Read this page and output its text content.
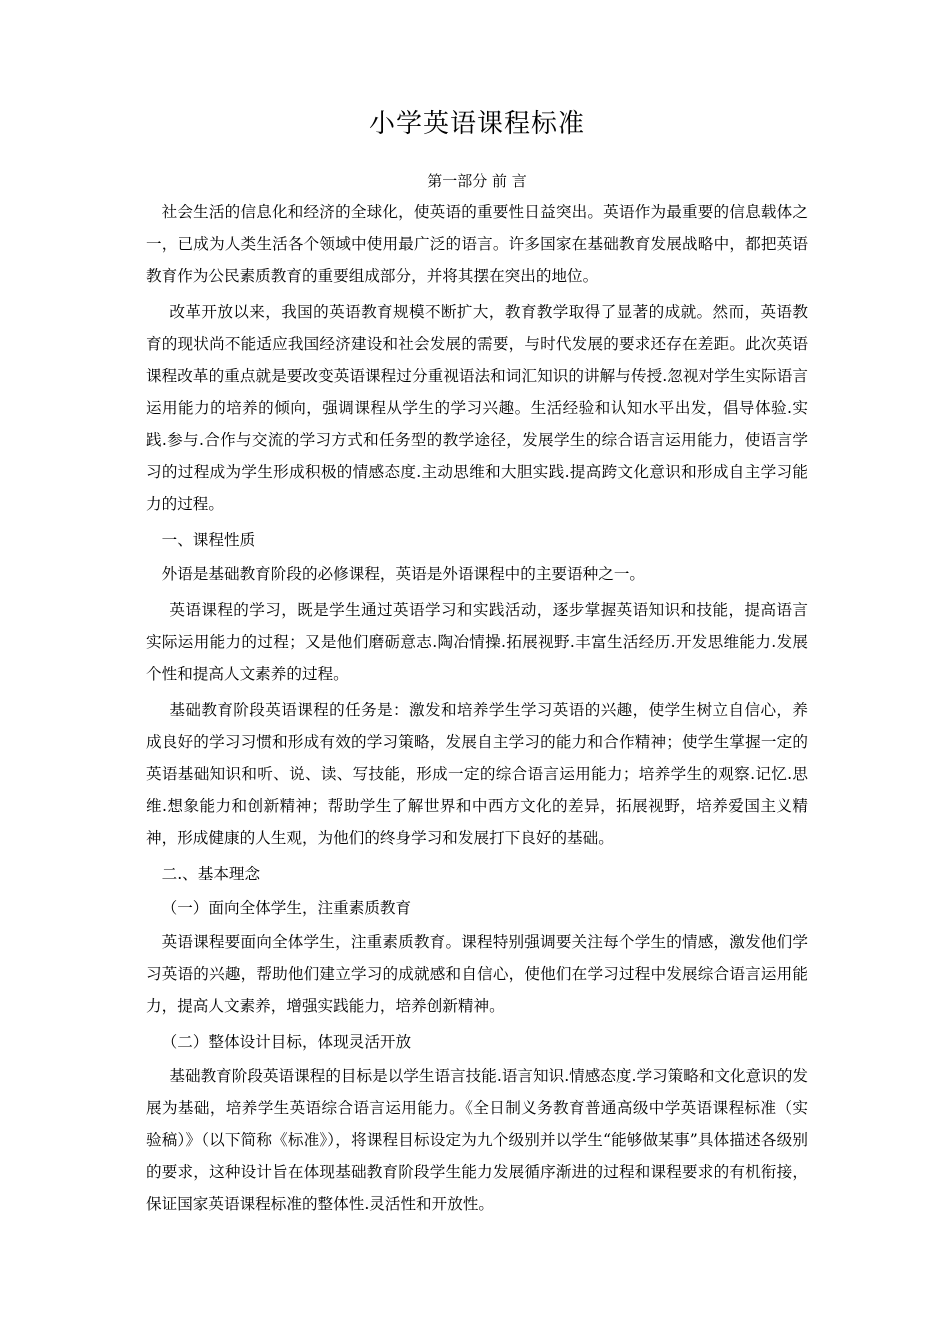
小学英语课程标准
第一部分 前 言

社会生活的信息化和经济的全球化，使英语的重要性日益突出。英语作为最重要的信息载体之一，已成为人类生活各个领域中使用最广泛的语言。许多国家在基础教育发展战略中，都把英语教育作为公民素质教育的重要组成部分，并将其摆在突出的地位。

改革开放以来，我国的英语教育规模不断扩大，教育教学取得了显著的成就。然而，英语教育的现状尚不能适应我国经济建设和社会发展的需要，与时代发展的要求还存在差距。此次英语课程改革的重点就是要改变英语课程过分重视语法和词汇知识的讲解与传授.忽视对学生实际语言运用能力的培养的倾向，强调课程从学生的学习兴趣。生活经验和认知水平出发，倡导体验.实践.参与.合作与交流的学习方式和任务型的教学途径，发展学生的综合语言运用能力，使语言学习的过程成为学生形成积极的情感态度.主动思维和大胆实践.提高跨文化意识和形成自主学习能力的过程。

一、课程性质

外语是基础教育阶段的必修课程，英语是外语课程中的主要语种之一。

英语课程的学习，既是学生通过英语学习和实践活动，逐步掌握英语知识和技能，提高语言实际运用能力的过程；又是他们磨砺意志.陶冶情操.拓展视野.丰富生活经历.开发思维能力.发展个性和提高人文素养的过程。

基础教育阶段英语课程的任务是：激发和培养学生学习英语的兴趣，使学生树立自信心，养成良好的学习习惯和形成有效的学习策略，发展自主学习的能力和合作精神；使学生掌握一定的英语基础知识和听、说、读、写技能，形成一定的综合语言运用能力；培养学生的观察.记忆.思维.想象能力和创新精神；帮助学生了解世界和中西方文化的差异，拓展视野，培养爱国主义精神，形成健康的人生观，为他们的终身学习和发展打下良好的基础。

二.、基本理念

（一）面向全体学生，注重素质教育

英语课程要面向全体学生，注重素质教育。课程特别强调要关注每个学生的情感，激发他们学习英语的兴趣，帮助他们建立学习的成就感和自信心，使他们在学习过程中发展综合语言运用能力，提高人文素养，增强实践能力，培养创新精神。

（二）整体设计目标，体现灵活开放

基础教育阶段英语课程的目标是以学生语言技能.语言知识.情感态度.学习策略和文化意识的发展为基础，培养学生英语综合语言运用能力。《全日制义务教育普通高级中学英语课程标准（实验稿）》（以下简称《标准》），将课程目标设定为九个级别并以学生“能够做某事”具体描述各级别的要求，这种设计旨在体现基础教育阶段学生能力发展循序渐进的过程和课程要求的有机衔接，保证国家英语课程标准的整体性.灵活性和开放性。
